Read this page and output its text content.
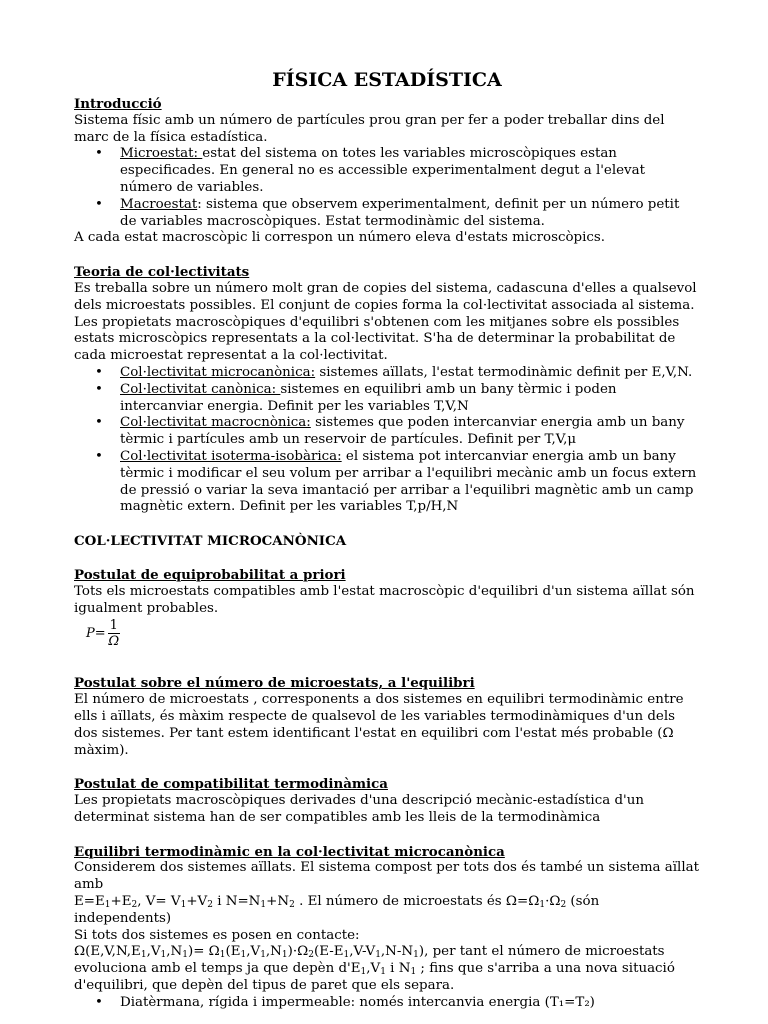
FÍSICA ESTADÍSTICA

Introducció

Sistema físic amb un número de partícules prou gran per fer a poder treballar dins del marc de la física estadística.

• Microestat: estat del sistema on totes les variables microscòpiques estan especificades. En general no es accessible experimentalment degut a l'elevat número de variables.
• Macroestat: sistema que observem experimentalment, definit per un número petit de variables macroscòpiques. Estat termodinàmic del sistema.

A cada estat macroscòpic li correspon un número eleva d'estats microscòpics.

Teoria de col·lectivitats

Es treballa sobre un número molt gran de copies del sistema, cadascuna d'elles a qualsevol dels microestats possibles. El conjunt de copies forma la col·lectivitat associada al sistema. Les propietats macroscòpiques d'equilibri s'obtenen com les mitjanes sobre els possibles estats microscòpics representats a la col·lectivitat. S'ha de determinar la probabilitat de cada microestat representat a la col·lectivitat.

• Col·lectivitat microcanònica: sistemes aïllats, l'estat termodinàmic definit per E,V,N.
• Col·lectivitat canònica: sistemes en equilibri amb un bany tèrmic i poden intercanviar energia. Definit per les variables T,V,N
• Col·lectivitat macrocnònica: sistemes que poden intercanviar energia amb un bany tèrmic i partícules amb un reservoir de partícules. Definit per T,V,μ
• Col·lectivitat isoterma-isobàrica: el sistema pot intercanviar energia amb un bany tèrmic i modificar el seu volum per arribar a l'equilibri mecànic amb un focus extern de pressió o variar la seva imantació per arribar a l'equilibri magnètic amb un camp magnètic extern. Definit per les variables T,p/H,N

COL·LECTIVITAT MICROCANÒNICA

Postulat de equiprobabilitat a priori

Tots els microestats compatibles amb l'estat macroscòpic d'equilibri d'un sistema aïllat són igualment probables.

$P= \frac{1}{\Omega}$

Postulat sobre el número de microestats, a l'equilibri

El número de microestats , corresponents a dos sistemes en equilibri termodinàmic entre ells i aïllats, és màxim respecte de qualsevol de les variables termodinàmiques d'un dels dos sistemes. Per tant estem identificant l'estat en equilibri com l'estat més probable (Ω màxim).

Postulat de compatibilitat termodinàmica

Les propietats macroscòpiques derivades d'una descripció mecànic-estadística d'un determinat sistema han de ser compatibles amb les lleis de la termodinàmica

Equilibri termodinàmic en la col·lectivitat microcanònica

Considerem dos sistemes aïllats. El sistema compost per tots dos és també un sistema aïllat amb

$E=E_1+E_2$, $V= V_1+V_2$ i $N=N_1+N_2$ . El número de microestats és $\Omega=\Omega_1\cdot\Omega_2$ (són independents)

Si tots dos sistemes es posen en contacte:

$\Omega(E,V,N,E_1,V_1,N_1)= \Omega_1(E_1,V_1,N_1)\cdot\Omega_2(E-E_1,V-V_1,N-N_1)$, per tant el número de microestats evoluciona amb el temps ja que depèn $d'E_1,V_1$ i $N_1$ ; fins que s'arriba a una nova situació d'equilibri, que depèn del tipus de paret que els separa.

• Diatèrmana, rígida i impermeable: només intercanvia energia (T₁=T₂)
